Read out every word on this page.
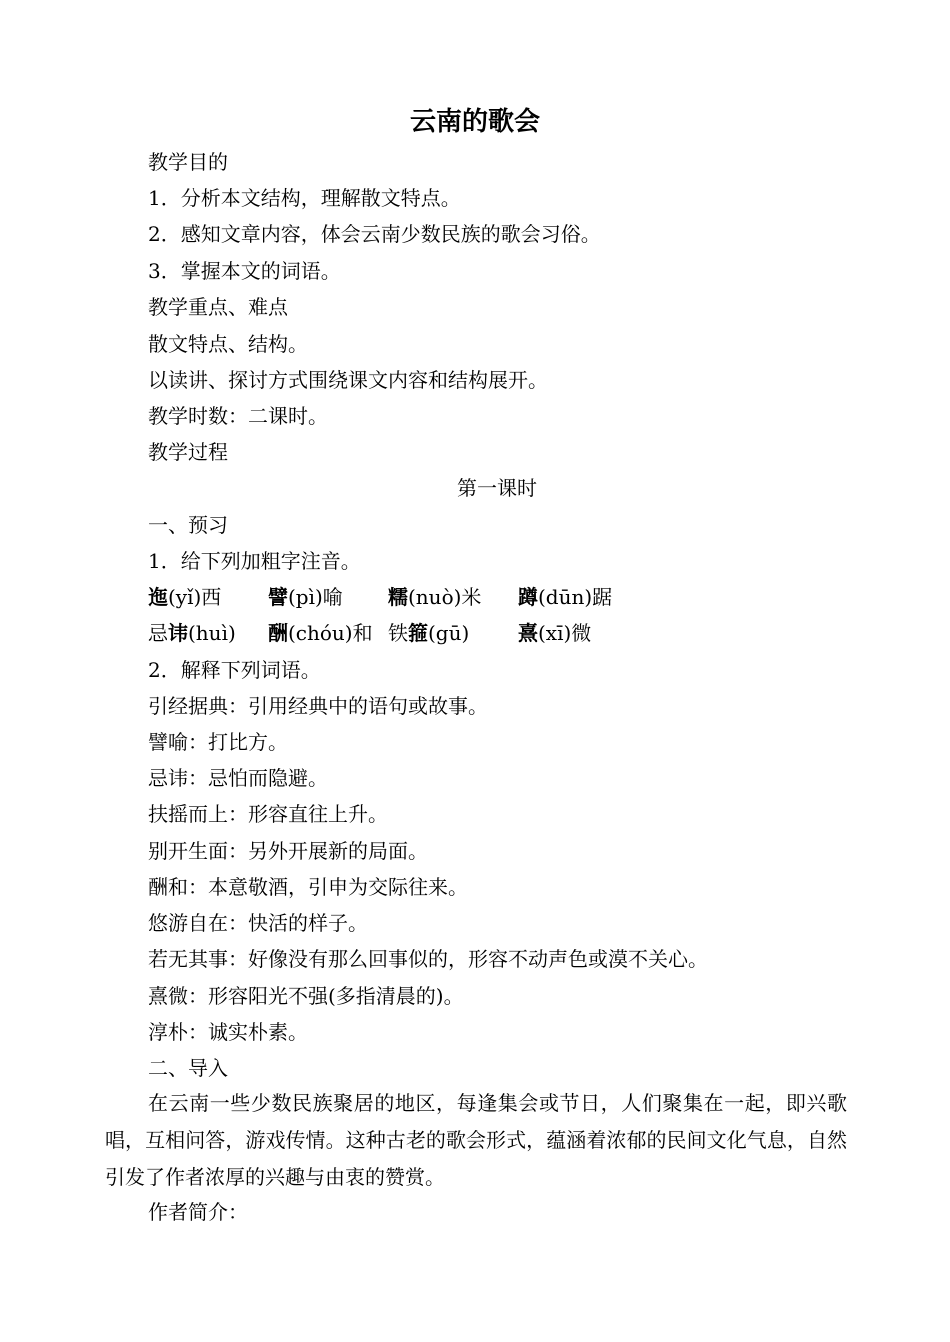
云南的歌会
教学目的
1．分析本文结构，理解散文特点。
2．感知文章内容，体会云南少数民族的歌会习俗。
3．掌握本文的词语。
教学重点、难点
散文特点、结构。
以读讲、探讨方式围绕课文内容和结构展开。
教学时数：二课时。
教学过程
第一课时
一、预习
1．给下列加粗字注音。
迤(yǐ)西 譬(pì)喻 糯(nuò)米 蹲(dūn)踞
忌讳(huì) 酬(chóu)和 铁箍(gū) 熹(xī)微
2．解释下列词语。
引经据典：引用经典中的语句或故事。
譬喻：打比方。
忌讳：忌怕而隐避。
扶摇而上：形容直往上升。
别开生面：另外开展新的局面。
酬和：本意敬酒，引申为交际往来。
悠游自在：快活的样子。
若无其事：好像没有那么回事似的，形容不动声色或漠不关心。
熹微：形容阳光不强(多指清晨的)。
淳朴：诚实朴素。
二、导入
在云南一些少数民族聚居的地区，每逢集会或节日，人们聚集在一起，即兴歌唱，互相问答，游戏传情。这种古老的歌会形式，蕴涵着浓郁的民间文化气息，自然引发了作者浓厚的兴趣与由衷的赞赏。
作者简介：
